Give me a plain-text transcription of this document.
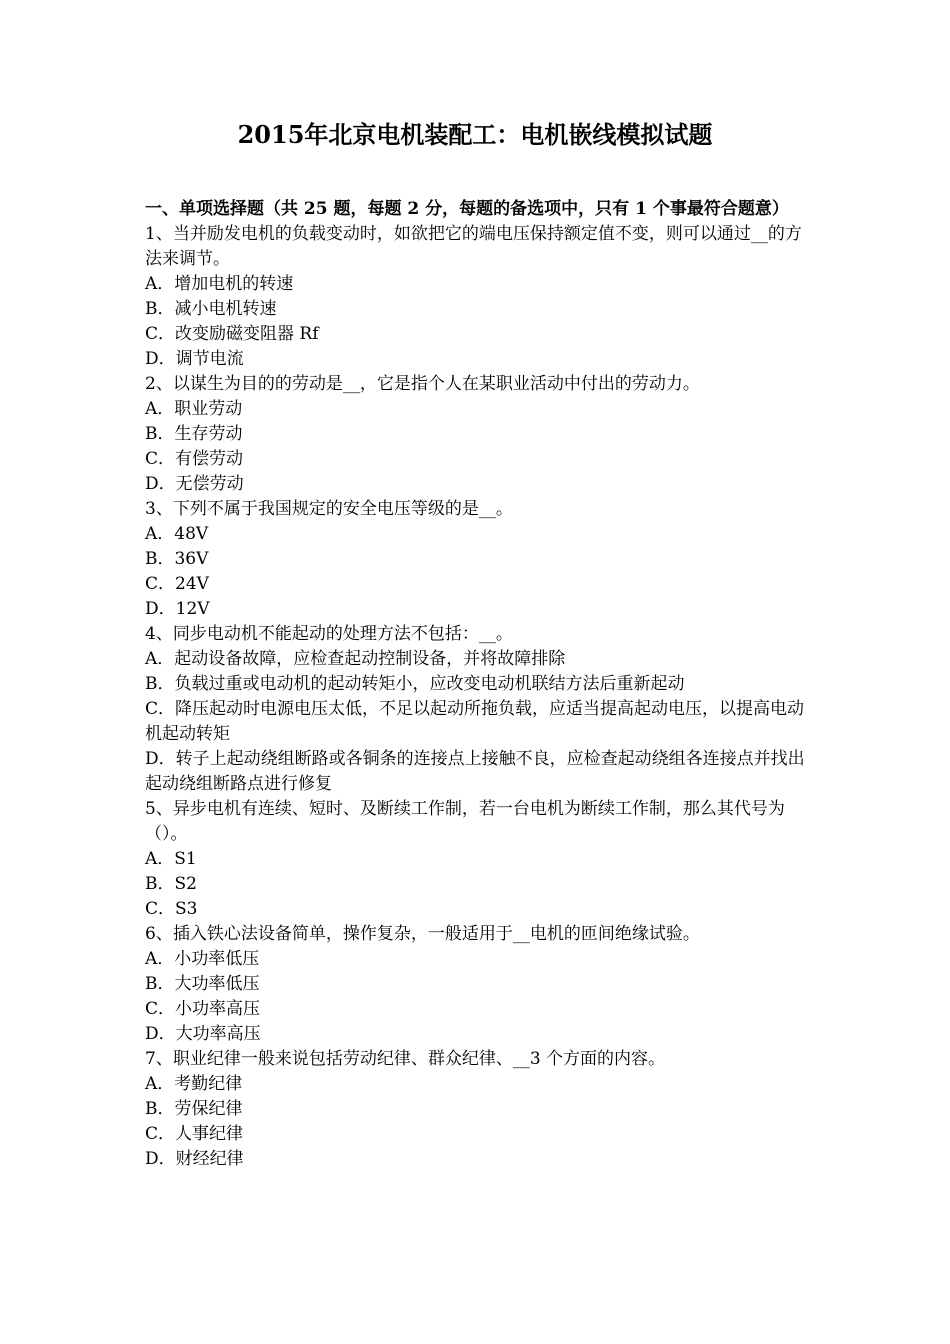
2015年北京电机装配工：电机嵌线模拟试题
一、单项选择题（共 25 题，每题 2 分，每题的备选项中，只有 1 个事最符合题意）
1、当并励发电机的负载变动时，如欲把它的端电压保持额定值不变，则可以通过__的方法来调节。
A．增加电机的转速
B．减小电机转速
C．改变励磁变阻器 Rf
D．调节电流
2、以谋生为目的的劳动是__，它是指个人在某职业活动中付出的劳动力。
A．职业劳动
B．生存劳动
C．有偿劳动
D．无偿劳动
3、下列不属于我国规定的安全电压等级的是__。
A．48V
B．36V
C．24V
D．12V
4、同步电动机不能起动的处理方法不包括：__。
A．起动设备故障，应检查起动控制设备，并将故障排除
B．负载过重或电动机的起动转矩小，应改变电动机联结方法后重新起动
C．降压起动时电源电压太低，不足以起动所拖负载，应适当提高起动电压，以提高电动机起动转矩
D．转子上起动绕组断路或各铜条的连接点上接触不良，应检查起动绕组各连接点并找出起动绕组断路点进行修复
5、异步电机有连续、短时、及断续工作制，若一台电机为断续工作制，那么其代号为（）。
A．S1
B．S2
C．S3
6、插入铁心法设备简单，操作复杂，一般适用于__电机的匝间绝缘试验。
A．小功率低压
B．大功率低压
C．小功率高压
D．大功率高压
7、职业纪律一般来说包括劳动纪律、群众纪律、__3 个方面的内容。
A．考勤纪律
B．劳保纪律
C．人事纪律
D．财经纪律
